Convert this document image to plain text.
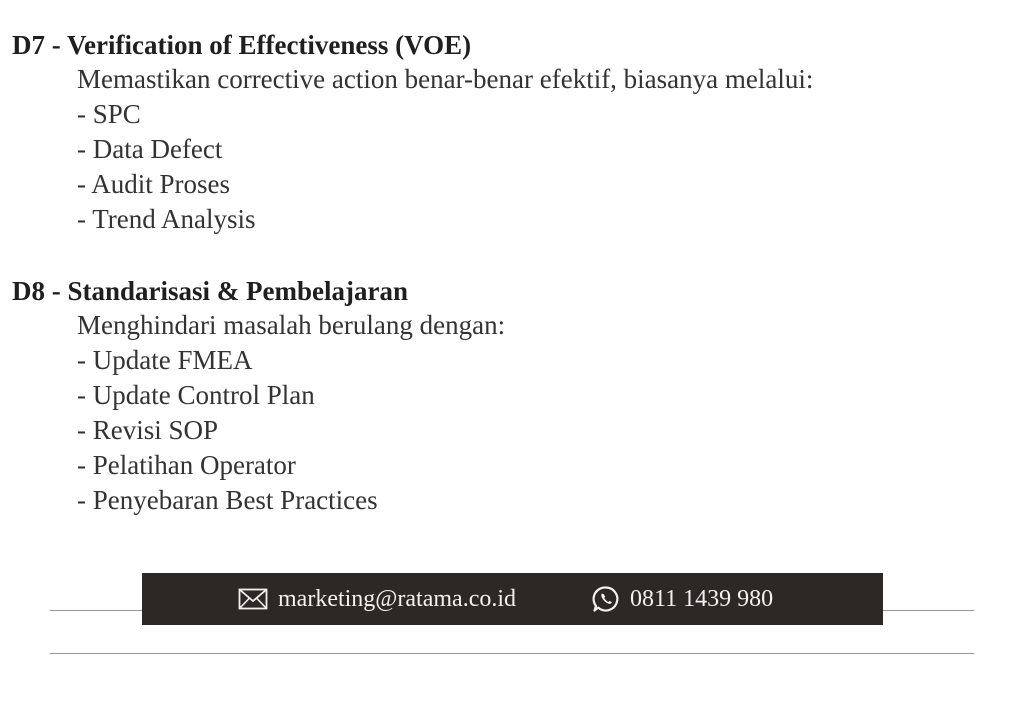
D7 - Verification of Effectiveness (VOE)
Memastikan corrective action benar-benar efektif, biasanya melalui:
- SPC
- Data Defect
- Audit Proses
- Trend Analysis
D8 - Standarisasi & Pembelajaran
Menghindari masalah berulang dengan:
- Update FMEA
- Update Control Plan
- Revisi SOP
- Pelatihan Operator
- Penyebaran Best Practices
marketing@ratama.co.id	0811 1439 980
